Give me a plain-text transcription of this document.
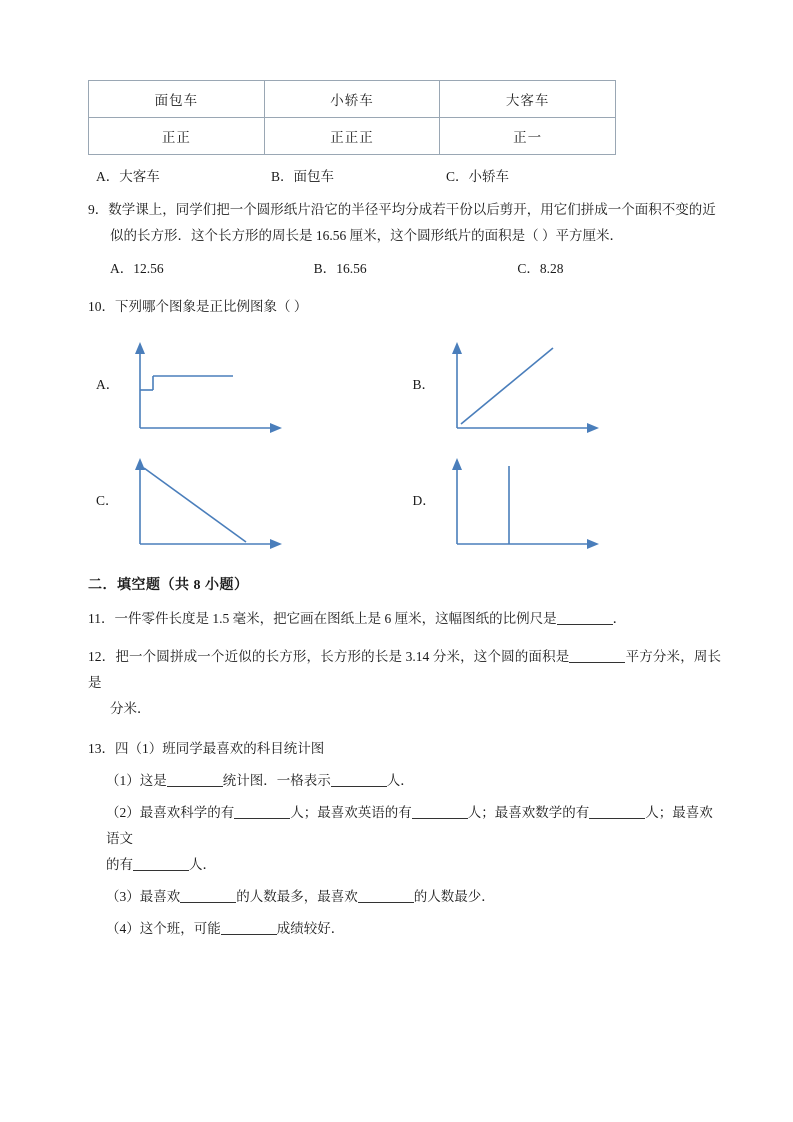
面包车	小轿车	大客车
正正	正正正	正一
A．大客车	B．面包车	C．小轿车
9．数学课上，同学们把一个圆形纸片沿它的半径平均分成若干份以后剪开，用它们拼成一个面积不变的近
似的长方形．这个长方形的周长是 16.56 厘米，这个圆形纸片的面积是（ ）平方厘米．
A．12.56	B．16.56	C．8.28
10．下列哪个图象是正比例图象（ ）
A．	B．
C．	D．
二．填空题（共 8 小题）
11．一件零件长度是 1.5 毫米，把它画在图纸上是 6 厘米，这幅图纸的比例尺是	．
12．把一个圆拼成一个近似的长方形，长方形的长是 3.14 分米，这个圆的面积是	平方分米，周长是
分米．
13．四（1）班同学最喜欢的科目统计图
（1）这是	统计图．一格表示	人．
（2）最喜欢科学的有	人；最喜欢英语的有	人；最喜欢数学的有	人；最喜欢语文
的有	人．
（3）最喜欢	的人数最多，最喜欢	的人数最少．
（4）这个班，可能	成绩较好．
